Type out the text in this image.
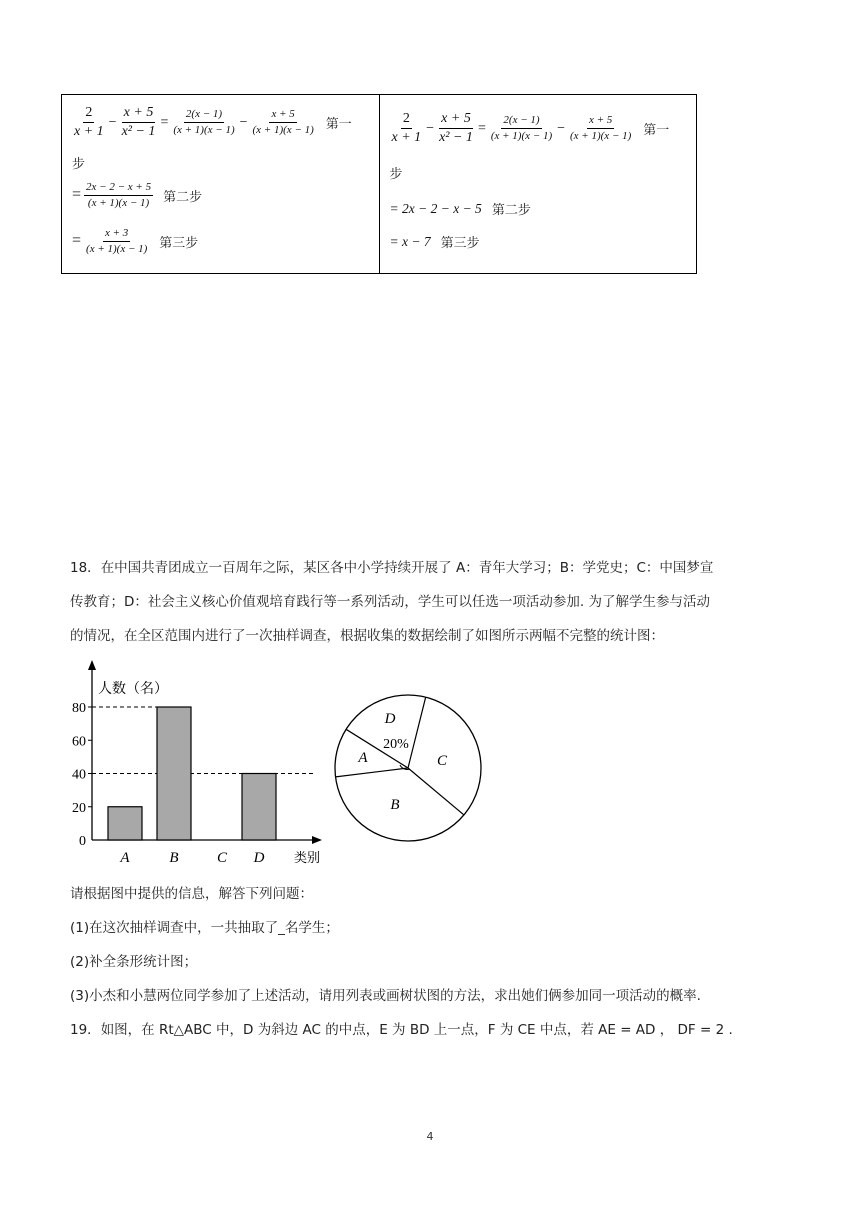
$\frac{2}{x + 1} - \frac{x + 5}{\text{x² − 1}} = \frac{2(x - 1)}{(x + 1)(x - 1)} - \frac{x + 5}{(x + 1)(x - 1)}$ 第一
步
= $\frac{2x - 2 - x + 5}{(x + 1)(x - 1)}$ 第二步
= $\frac{x + 3}{(x + 1)(x - 1)}$ 第三步
$\frac{2}{x + 1} - \frac{x + 5}{\text{x² − 1}} = \frac{2(x - 1)}{(x + 1)(x - 1)} - \frac{x + 5}{(x + 1)(x - 1)}$ 第一
步
= 2x − 2 − x − 5 第二步
= x − 7 第三步
18．在中国共青团成立一百周年之际，某区各中小学持续开展了 A：青年大学习；B：学党史；C：中国梦宣
传教育；D：社会主义核心价值观培育践行等一系列活动，学生可以任选一项活动参加. 为了解学生参与活动
的情况，在全区范围内进行了一次抽样调查，根据收集的数据绘制了如图所示两幅不完整的统计图：
0
20
40
60
80
人数（名）
A	B	C D 类别
A
B
C
D
20%
请根据图中提供的信息，解答下列问题：
(1)在这次抽样调查中，一共抽取了_名学生；
(2)补全条形统计图；
(3)小杰和小慧两位同学参加了上述活动，请用列表或画树状图的方法，求出她们俩参加同一项活动的概率.
19．如图，在 Rt△ABC 中，D 为斜边 AC 的中点，E 为 BD 上一点，F 为 CE 中点，若 AE = AD ， DF = 2 .
4
